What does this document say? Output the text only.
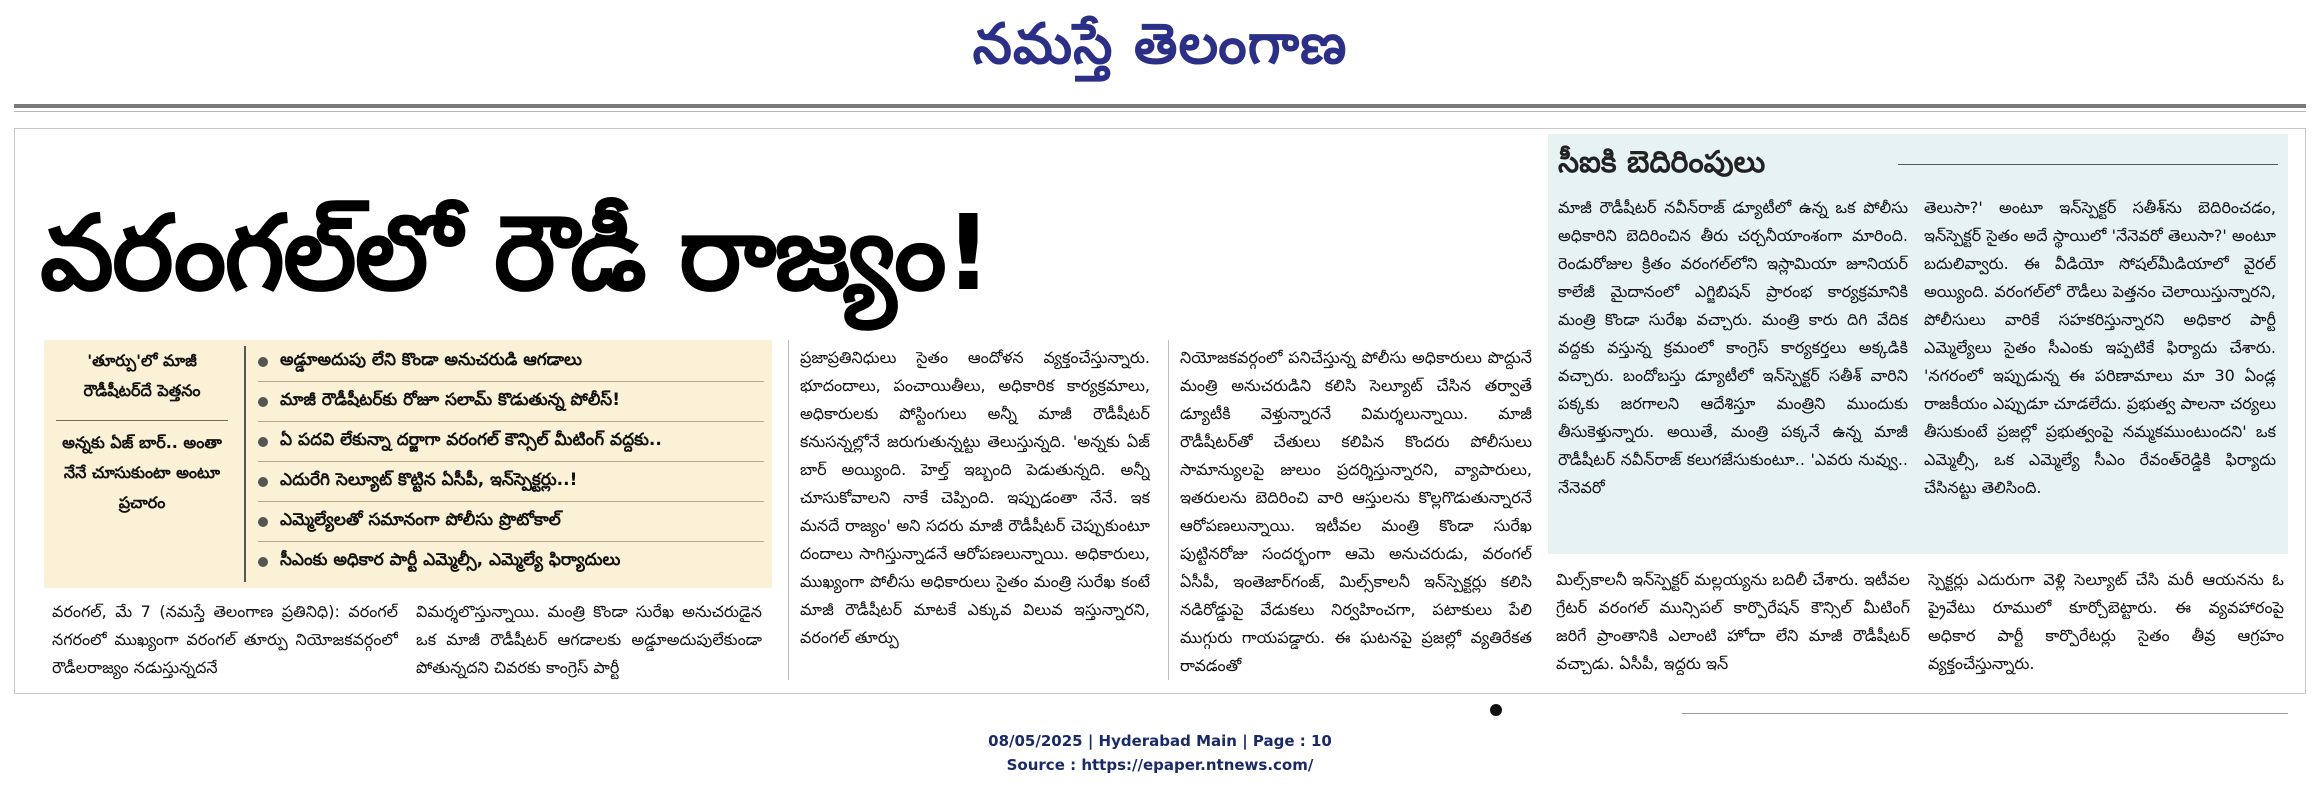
నమస్తే తెలంగాణ
వరంగల్‌లో రౌడీ రాజ్యం!
'తూర్పు'లో మాజీ రౌడీషీటర్‌దే పెత్తనం
అన్నకు ఏజ్ బార్.. అంతా నేనే చూసుకుంటా అంటూ ప్రచారం
అడ్డూఅదుపు లేని కొండా అనుచరుడి ఆగడాలు
మాజీ రౌడీషీటర్‌కు రోజూ సలామ్ కొడుతున్న పోలీస్!
ఏ పదవి లేకున్నా దర్జాగా వరంగల్ కౌన్సిల్ మీటింగ్ వద్దకు..
ఎదురేగి సెల్యూట్ కొట్టిన ఏసీపీ, ఇన్‌స్పెక్టర్లు..!
ఎమ్మెల్యేలతో సమానంగా పోలీసు ప్రొటోకాల్
సీఎంకు అధికార పార్టీ ఎమ్మెల్సీ, ఎమ్మెల్యే ఫిర్యాదులు
వరంగల్, మే 7 (నమస్తే తెలంగాణ ప్రతినిధి): వరంగల్ నగరంలో ముఖ్యంగా వరంగల్ తూర్పు నియోజకవర్గంలో రౌడీలరాజ్యం నడుస్తున్నదనే
విమర్శలొస్తున్నాయి. మంత్రి కొండా సురేఖ అనుచరుడైన ఒక మాజీ రౌడీషీటర్ ఆగడాలకు అడ్డూఅదుపులేకుండా పోతున్నదని చివరకు కాంగ్రెస్ పార్టీ
ప్రజాప్రతినిధులు సైతం ఆందోళన వ్యక్తంచేస్తున్నారు. భూదందాలు, పంచాయితీలు, అధికారిక కార్యక్రమాలు, అధికారులకు పోస్టింగులు అన్నీ మాజీ రౌడీషీటర్ కనుసన్నల్లోనే జరుగుతున్నట్టు తెలుస్తున్నది. 'అన్నకు ఏజ్ బార్ అయ్యింది. హెల్త్ ఇబ్బంది పెడుతున్నది. అన్నీ చూసుకోవాలని నాకే చెప్పింది. ఇప్పుడంతా నేనే. ఇక మనదే రాజ్యం' అని సదరు మాజీ రౌడీషీటర్ చెప్పుకుంటూ దందాలు సాగిస్తున్నాడనే ఆరోపణలున్నాయి. అధికారులు, ముఖ్యంగా పోలీసు అధికారులు సైతం మంత్రి సురేఖ కంటే మాజీ రౌడీషీటర్ మాటకే ఎక్కువ విలువ ఇస్తున్నారని, వరంగల్ తూర్పు
నియోజకవర్గంలో పనిచేస్తున్న పోలీసు అధికారులు పొద్దునే మంత్రి అనుచరుడిని కలిసి సెల్యూట్ చేసిన తర్వాతే డ్యూటీకి వెళ్తున్నారనే విమర్శలున్నాయి. మాజీ రౌడీషీటర్‌తో చేతులు కలిపిన కొందరు పోలీసులు సామాన్యులపై జులుం ప్రదర్శిస్తున్నారని, వ్యాపారులు, ఇతరులను బెదిరించి వారి ఆస్తులను కొల్లగొడుతున్నారనే ఆరోపణలున్నాయి. ఇటీవల మంత్రి కొండా సురేఖ పుట్టినరోజు సందర్భంగా ఆమె అనుచరుడు, వరంగల్ ఏసీపీ, ఇంతెజార్‌గంజ్, మిల్స్‌కాలనీ ఇన్‌స్పెక్టర్లు కలిసి నడిరోడ్డుపై వేడుకలు నిర్వహించగా, పటాకులు పేలి ముగ్గురు గాయపడ్డారు. ఈ ఘటనపై ప్రజల్లో వ్యతిరేకత రావడంతో
సీఐకి బెదిరింపులు
మాజీ రౌడీషీటర్ నవీన్‌రాజ్ డ్యూటీలో ఉన్న ఒక పోలీసు అధికారిని బెదిరించిన తీరు చర్చనీయాంశంగా మారింది. రెండురోజుల క్రితం వరంగల్‌లోని ఇస్లామియా జూనియర్ కాలేజీ మైదానంలో ఎగ్జిబిషన్ ప్రారంభ కార్యక్రమానికి మంత్రి కొండా సురేఖ వచ్చారు. మంత్రి కారు దిగి వేదిక వద్దకు వస్తున్న క్రమంలో కాంగ్రెస్ కార్యకర్తలు అక్కడికి వచ్చారు. బందోబస్తు డ్యూటీలో ఇన్‌స్పెక్టర్ సతీశ్ వారిని పక్కకు జరగాలని ఆదేశిస్తూ మంత్రిని ముందుకు తీసుకెళ్తున్నారు. అయితే, మంత్రి పక్కనే ఉన్న మాజీ రౌడీషీటర్ నవీన్‌రాజ్ కలుగజేసుకుంటూ.. 'ఎవరు నువ్వు.. నేనెవరో
తెలుసా?' అంటూ ఇన్‌స్పెక్టర్ సతీశ్‌ను బెదిరించడం, ఇన్‌స్పెక్టర్ సైతం అదే స్థాయిలో 'నేనెవరో తెలుసా?' అంటూ బదులివ్వారు. ఈ వీడియో సోషల్‌మీడియాలో వైరల్ అయ్యింది. వరంగల్‌లో రౌడీలు పెత్తనం చెలాయిస్తున్నారని, పోలీసులు వారికే సహకరిస్తున్నారని అధికార పార్టీ ఎమ్మెల్యేలు సైతం సీఎంకు ఇప్పటికే ఫిర్యాదు చేశారు. 'నగరంలో ఇప్పుడున్న ఈ పరిణామాలు మా 30 ఏండ్ల రాజకీయం ఎప్పుడూ చూడలేదు. ప్రభుత్వ పాలనా చర్యలు తీసుకుంటే ప్రజల్లో ప్రభుత్వంపై నమ్మకముంటుందని' ఒక ఎమ్మెల్సీ, ఒక ఎమ్మెల్యే సీఎం రేవంత్‌రెడ్డికి ఫిర్యాదు చేసినట్టు తెలిసింది.
మిల్స్‌కాలనీ ఇన్‌స్పెక్టర్ మల్లయ్యను బదిలీ చేశారు. ఇటీవల గ్రేటర్ వరంగల్ మున్సిపల్ కార్పొరేషన్ కౌన్సిల్ మీటింగ్ జరిగే ప్రాంతానికి ఎలాంటి హోదా లేని మాజీ రౌడీషీటర్ వచ్చాడు. ఏసీపీ, ఇద్దరు ఇన్
స్పెక్టర్లు ఎదురుగా వెళ్లి సెల్యూట్ చేసి మరీ ఆయనను ఓ ప్రైవేటు రూములో కూర్చోబెట్టారు. ఈ వ్యవహారంపై అధికార పార్టీ కార్పొరేటర్లు సైతం తీవ్ర ఆగ్రహం వ్యక్తంచేస్తున్నారు.
08/05/2025 | Hyderabad Main | Page : 10
Source : https://epaper.ntnews.com/
